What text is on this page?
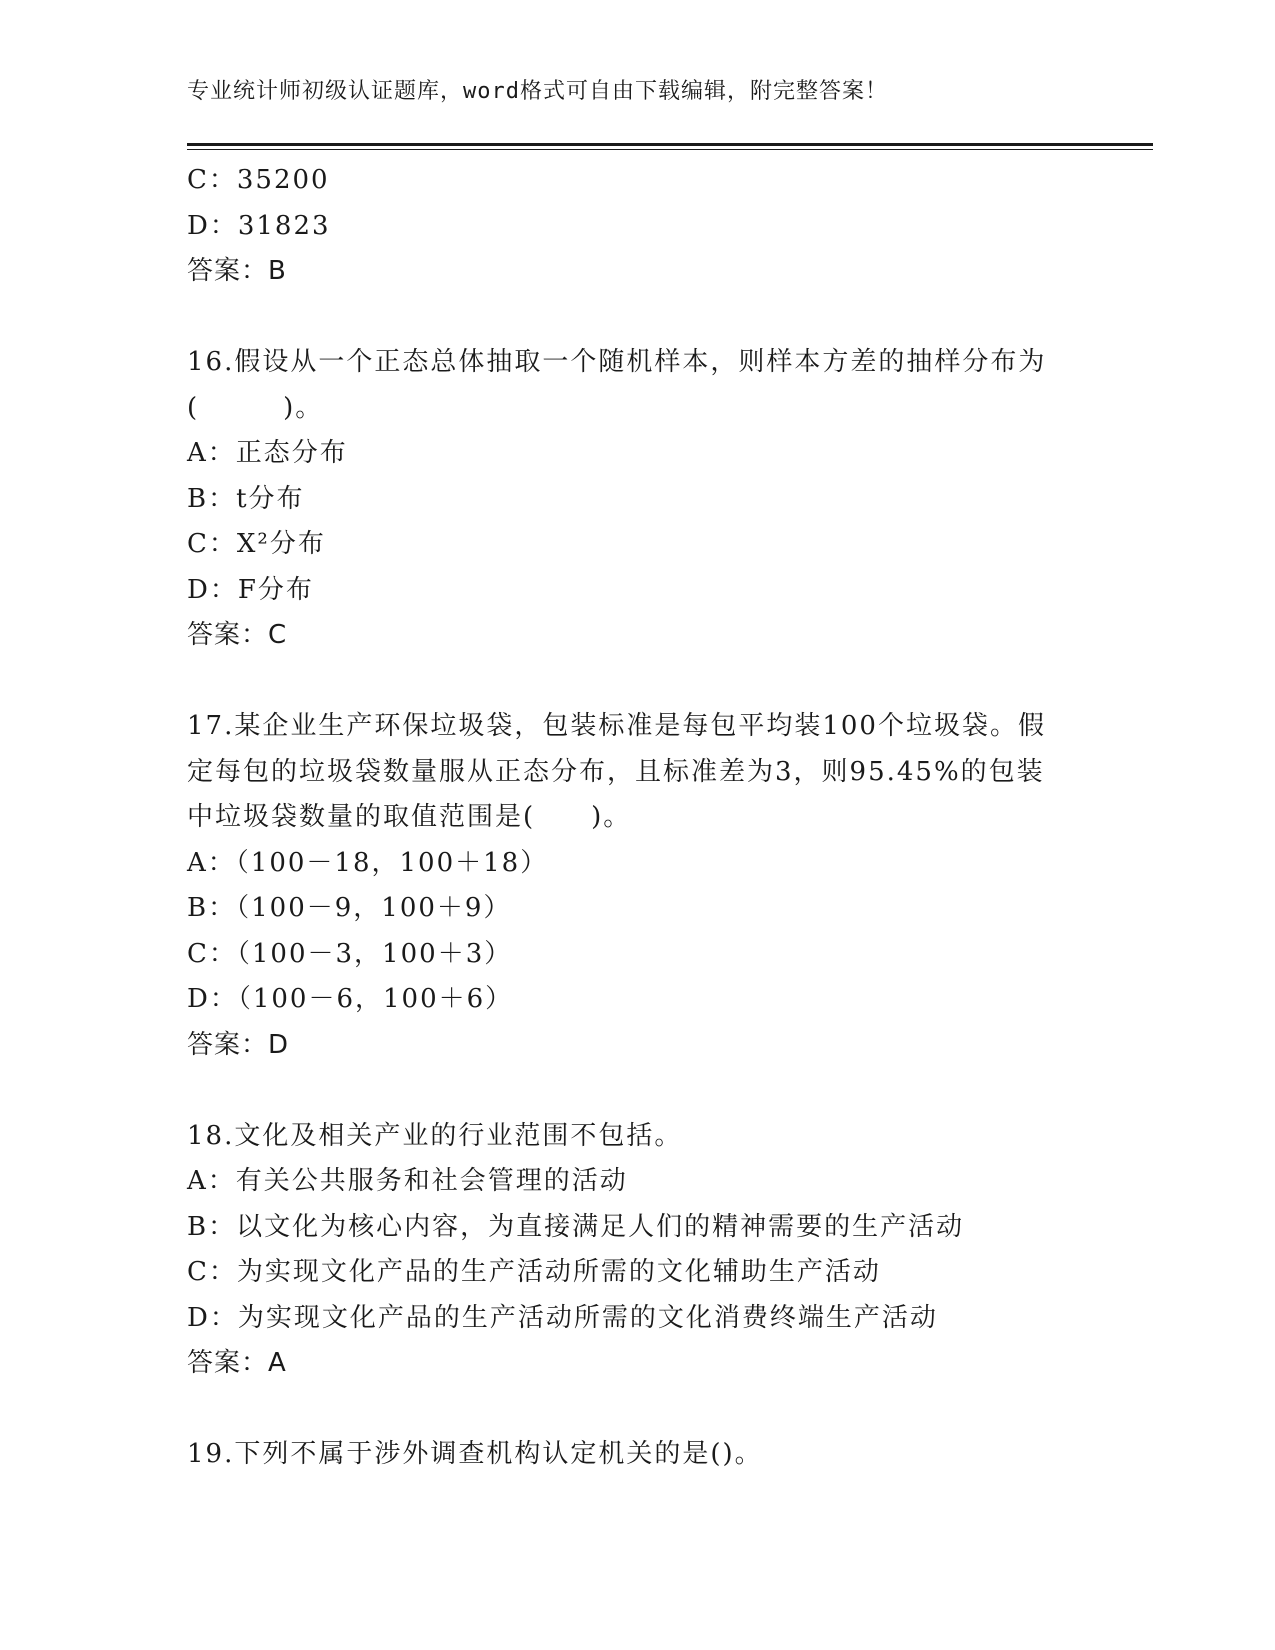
专业统计师初级认证题库，word格式可自由下载编辑，附完整答案！
C：35200
D：31823
答案：B
16.假设从一个正态总体抽取一个随机样本，则样本方差的抽样分布为
(　　　)。
A：正态分布
B：t分布
C：X²分布
D：F分布
答案：C
17.某企业生产环保垃圾袋，包装标准是每包平均装100个垃圾袋。假
定每包的垃圾袋数量服从正态分布，且标准差为3，则95.45%的包装
中垃圾袋数量的取值范围是(　　)。
A：（100－18，100＋18）
B：（100－9，100＋9）
C：（100－3，100＋3）
D：（100－6，100＋6）
答案：D
18.文化及相关产业的行业范围不包括。
A：有关公共服务和社会管理的活动
B：以文化为核心内容，为直接满足人们的精神需要的生产活动
C：为实现文化产品的生产活动所需的文化辅助生产活动
D：为实现文化产品的生产活动所需的文化消费终端生产活动
答案：A
19.下列不属于涉外调查机构认定机关的是()。
